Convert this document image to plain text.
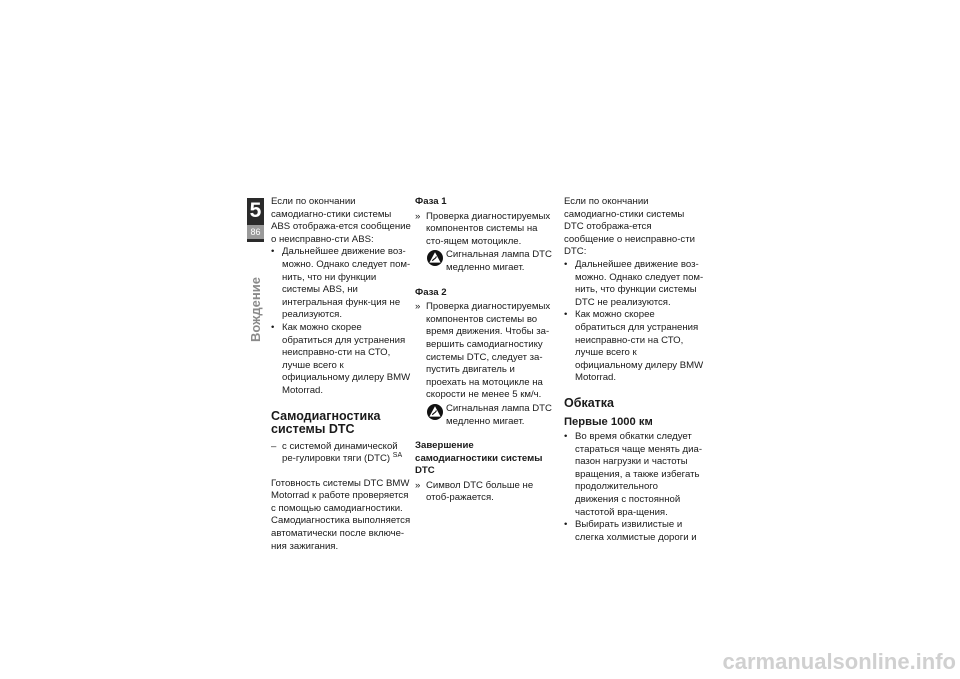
5
86
Вождение

Если по окончании самодиагно-стики системы ABS отобража-ется сообщение о неисправно-сти ABS:

• Дальнейшее движение воз-можно. Однако следует пом-нить, что ни функции системы ABS, ни интегральная функ-ция не реализуются.
• Как можно скорее обратиться для устранения неисправно-сти на СТО, лучше всего к официальному дилеру BMW Motorrad.
Самодиагностика системы DTC
– с системой динамической ре-гулировки тяги (DTC) $^{SA}$

Готовность системы DTC BMW Motorrad к работе проверяется с помощью самодиагностики. Самодиагностика выполняется автоматически после включе-ния зажигания.

Фаза 1
» Проверка диагностируемых компонентов системы на сто-ящем мотоцикле.
Сигнальная лампа DTC медленно мигает.
Фаза 2
» Проверка диагностируемых компонентов системы во время движения. Чтобы за-вершить самодиагностику системы DTC, следует за-пустить двигатель и проехать на мотоцикле на скорости не менее 5 км/ч.
Сигнальная лампа DTC медленно мигает.
Завершение самодиагностики системы DTC
» Символ DTC больше не отоб-ражается.

Если по окончании самодиагно-стики системы DTC отобража-ется сообщение о неисправно-сти DTC:

• Дальнейшее движение воз-можно. Однако следует пом-нить, что функции системы DTC не реализуются.
• Как можно скорее обратиться для устранения неисправно-сти на СТО, лучше всего к официальному дилеру BMW Motorrad.
Обкатка
Первые 1000 км
• Во время обкатки следует стараться чаще менять диа-пазон нагрузки и частоты вращения, а также избегать продолжительного движения с постоянной частотой вра-щения.
• Выбирать извилистые и слегка холмистые дороги и
carmanualsonline.info
